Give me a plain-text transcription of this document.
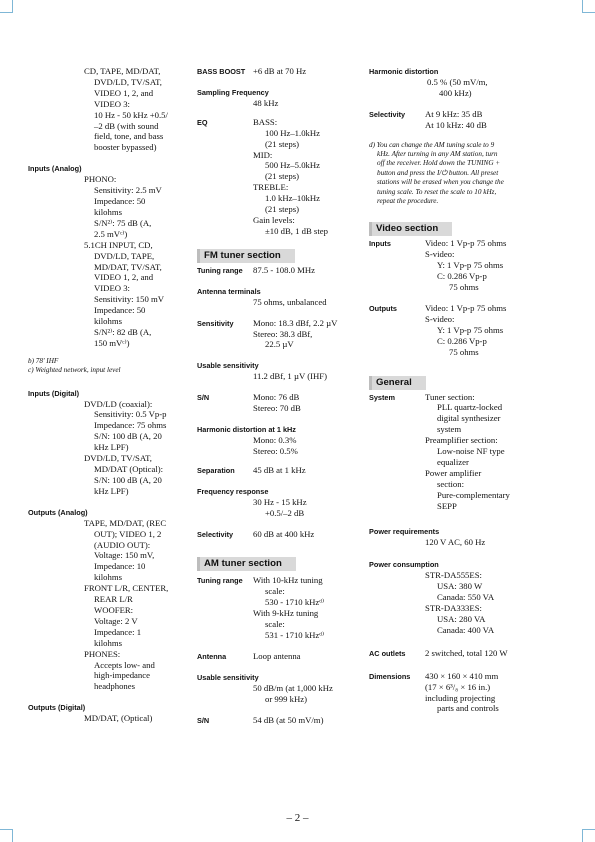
CD, TAPE, MD/DAT,
DVD/LD, TV/SAT,
VIDEO 1, 2, and
VIDEO 3:
10 Hz - 50 kHz +0.5/
–2 dB (with sound
field, tone, and bass
booster bypassed)
Inputs (Analog)
PHONO:
Sensitivity: 2.5 mV
Impedance: 50
kilohms
S/N²⁾: 75 dB (A,
2.5 mVᶜ⁾)
5.1CH INPUT, CD,
DVD/LD, TAPE,
MD/DAT, TV/SAT,
VIDEO 1, 2, and
VIDEO 3:
Sensitivity: 150 mV
Impedance: 50
kilohms
S/N²⁾: 82 dB (A,
150 mVᶜ⁾)
b) 78' IHF
c) Weighted network, input level
Inputs (Digital)
DVD/LD (coaxial):
Sensitivity: 0.5 Vp-p
Impedance: 75 ohms
S/N: 100 dB (A, 20
kHz LPF)
DVD/LD, TV/SAT,
MD/DAT (Optical):
S/N: 100 dB (A, 20
kHz LPF)
Outputs (Analog)
TAPE, MD/DAT, (REC
OUT); VIDEO 1, 2
(AUDIO OUT):
Voltage: 150 mV,
Impedance: 10
kilohms
FRONT L/R, CENTER,
REAR L/R
WOOFER:
Voltage: 2 V
Impedance: 1
kilohms
PHONES:
Accepts low- and
high-impedance
headphones
Outputs (Digital)
MD/DAT, (Optical)
BASS BOOST +6 dB at 70 Hz
Sampling Frequency
48 kHz
EQ	BASS:
100 Hz–1.0kHz
(21 steps)
MID:
500 Hz–5.0kHz
(21 steps)
TREBLE:
1.0 kHz–10kHz
(21 steps)
Gain levels:
±10 dB, 1 dB step
FM tuner section
Tuning range 87.5 - 108.0 MHz
Antenna terminals
75 ohms, unbalanced
Sensitivity Mono: 18.3 dBf, 2.2 µV
Stereo: 38.3 dBf,
22.5 µV
Usable sensitivity
11.2 dBf, 1 µV (IHF)
S/N	Mono: 76 dB
Stereo: 70 dB
Harmonic distortion at 1 kHz
Mono: 0.3%
Stereo: 0.5%
Separation 45 dB at 1 kHz
Frequency response
30 Hz - 15 kHz
+0.5/–2 dB
Selectivity 60 dB at 400 kHz
AM tuner section
Tuning range With 10-kHz tuning
scale:
530 - 1710 kHzᵈ⁾
With 9-kHz tuning
scale:
531 - 1710 kHzᵈ⁾
Antenna	Loop antenna
Usable sensitivity
50 dB/m (at 1,000 kHz
or 999 kHz)
S/N	54 dB (at 50 mV/m)
Harmonic distortion
0.5 % (50 mV/m,
400 kHz)
Selectivity At 9 kHz: 35 dB
At 10 kHz: 40 dB
d) You can change the AM tuning scale to 9
kHz. After turning in any AM station, turn
off the receiver. Hold down the TUNING +
button and press the I/⏻ button. All preset
stations will be erased when you change the
tuning scale. To reset the scale to 10 kHz,
repeat the procedure.
Video section
Inputs	Video: 1 Vp-p 75 ohms
S-video:
Y: 1 Vp-p 75 ohms
C: 0.286 Vp-p
75 ohms
Outputs	Video: 1 Vp-p 75 ohms
S-video:
Y: 1 Vp-p 75 ohms
C: 0.286 Vp-p
75 ohms
General
System	Tuner section:
PLL quartz-locked
digital synthesizer
system
Preamplifier section:
Low-noise NF type
equalizer
Power amplifier
section:
Pure-complementary
SEPP
Power requirements
120 V AC, 60 Hz
Power consumption
STR-DA555ES:
USA: 380 W
Canada: 550 VA
STR-DA333ES:
USA: 280 VA
Canada: 400 VA
AC outlets 2 switched, total 120 W
Dimensions 430 × 160 × 410 mm
(17 × 6³/₈ × 16 in.)
including projecting
parts and controls
– 2 –
